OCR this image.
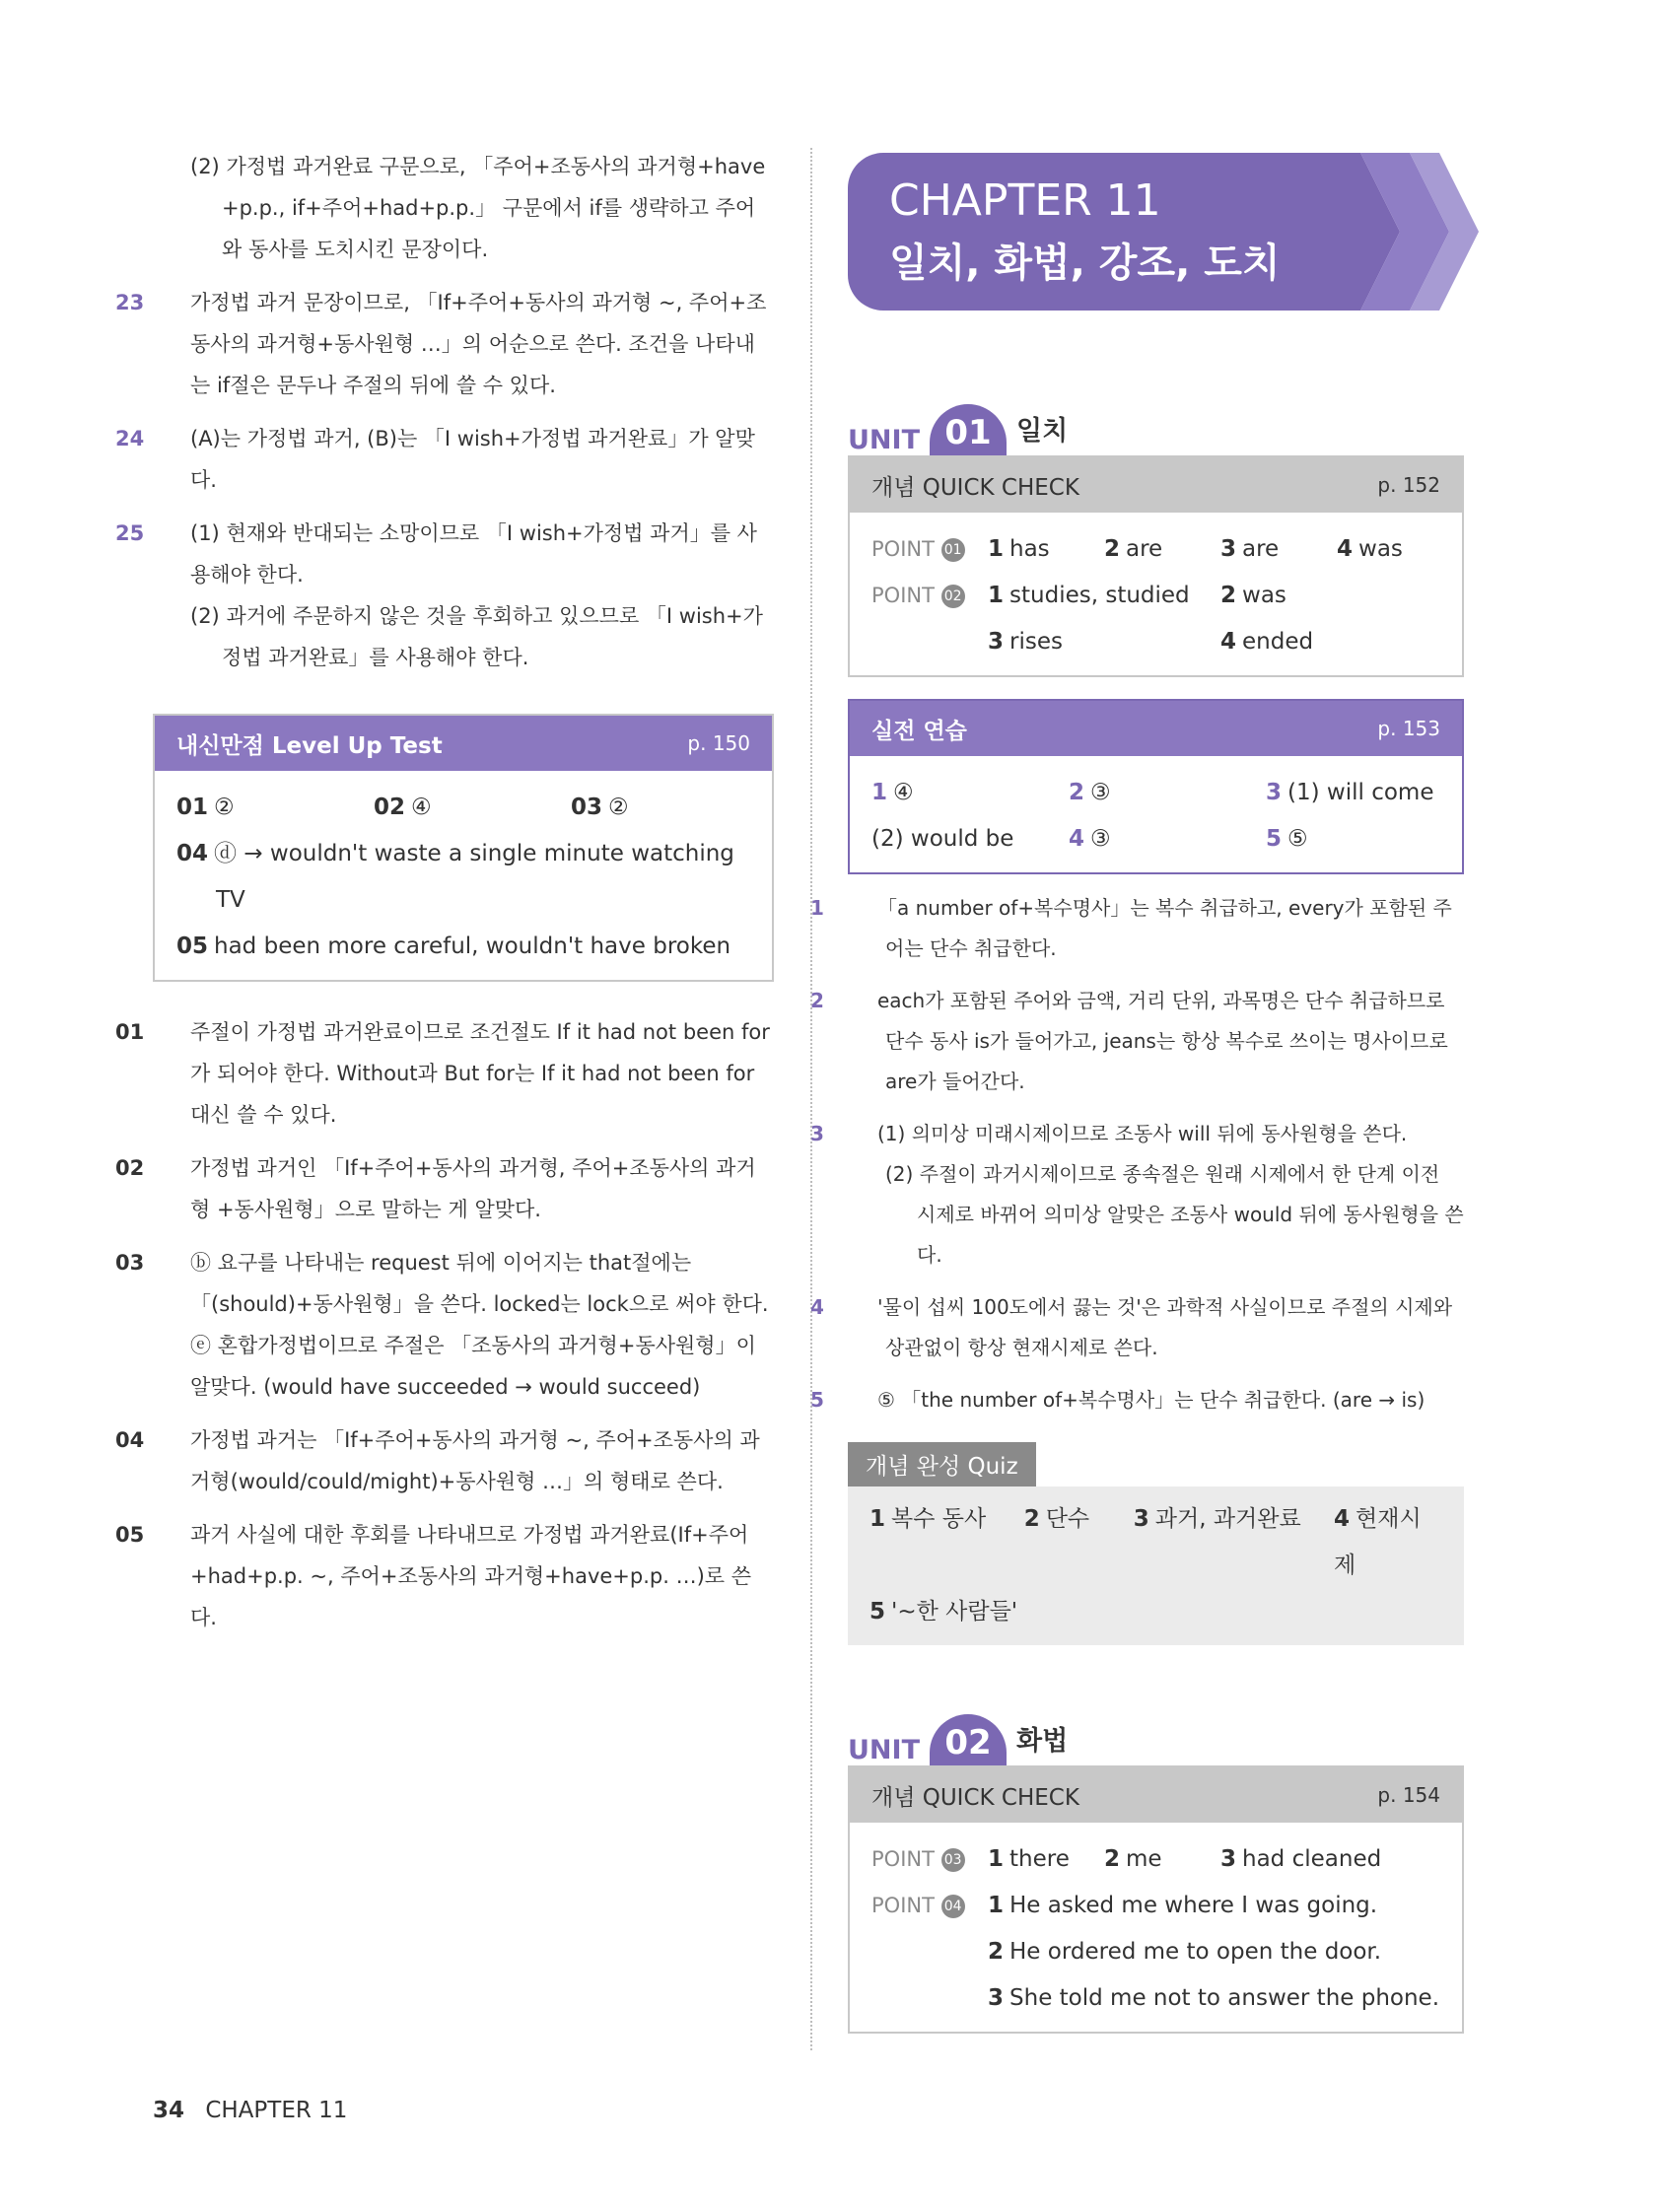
(2) 가정법 과거완료 구문으로, 「주어+조동사의 과거형+have +p.p., if+주어+had+p.p.」 구문에서 if를 생략하고 주어와 동사를 도치시킨 문장이다.
23 가정법 과거 문장이므로, 「If+주어+동사의 과거형 ~, 주어+조동사의 과거형+동사원형 …」의 어순으로 쓴다. 조건을 나타내는 if절은 문두나 주절의 뒤에 쓸 수 있다.
24 (A)는 가정법 과거, (B)는 「I wish+가정법 과거완료」가 알맞다.
25 (1) 현재와 반대되는 소망이므로 「I wish+가정법 과거」를 사용해야 한다.
(2) 과거에 주문하지 않은 것을 후회하고 있으므로 「I wish+가정법 과거완료」를 사용해야 한다.
내신만점 Level Up Test	p. 150
01 ②	02 ④	03 ②
04 ⓓ → wouldn't waste a single minute watching TV
05 had been more careful, wouldn't have broken
01 주절이 가정법 과거완료이므로 조건절도 If it had not been for가 되어야 한다. Without과 But for는 If it had not been for 대신 쓸 수 있다.
02 가정법 과거인 「If+주어+동사의 과거형, 주어+조동사의 과거형 +동사원형」으로 말하는 게 알맞다.
03 ⓑ 요구를 나타내는 request 뒤에 이어지는 that절에는 「(should)+동사원형」을 쓴다. locked는 lock으로 써야 한다. ⓔ 혼합가정법이므로 주절은 「조동사의 과거형+동사원형」이 알맞다. (would have succeeded → would succeed)
04 가정법 과거는 「If+주어+동사의 과거형 ~, 주어+조동사의 과거형(would/could/might)+동사원형 …」의 형태로 쓴다.
05 과거 사실에 대한 후회를 나타내므로 가정법 과거완료(If+주어 +had+p.p. ~, 주어+조동사의 과거형+have+p.p. …)로 쓴다.
CHAPTER 11
일치, 화법, 강조, 도치
UNIT 01 일치
개념 QUICK CHECK	p. 152
POINT 01	1 has	2 are	3 are	4 was
POINT 02	1 studies, studied	2 was
3 rises	4 ended
실전 연습	p. 153
1 ④	2 ③	3 (1) will come
(2) would be	4 ③	5 ⑤
1	「a number of+복수명사」는 복수 취급하고, every가 포함된 주어는 단수 취급한다.
2	each가 포함된 주어와 금액, 거리 단위, 과목명은 단수 취급하므로 단수 동사 is가 들어가고, jeans는 항상 복수로 쓰이는 명사이므로 are가 들어간다.
3	(1) 의미상 미래시제이므로 조동사 will 뒤에 동사원형을 쓴다.
(2) 주절이 과거시제이므로 종속절은 원래 시제에서 한 단계 이전 시제로 바뀌어 의미상 알맞은 조동사 would 뒤에 동사원형을 쓴다.
4	'물이 섭씨 100도에서 끓는 것'은 과학적 사실이므로 주절의 시제와 상관없이 항상 현재시제로 쓴다.
5	⑤ 「the number of+복수명사」는 단수 취급한다. (are → is)
개념 완성 Quiz
1 복수 동사	2 단수	3 과거, 과거완료	4 현재시제
5 '~한 사람들'
UNIT 02 화법
개념 QUICK CHECK	p. 154
POINT 03	1 there	2 me	3 had cleaned
POINT 04	1 He asked me where I was going.
2 He ordered me to open the door.
3 She told me not to answer the phone.
34 CHAPTER 11
